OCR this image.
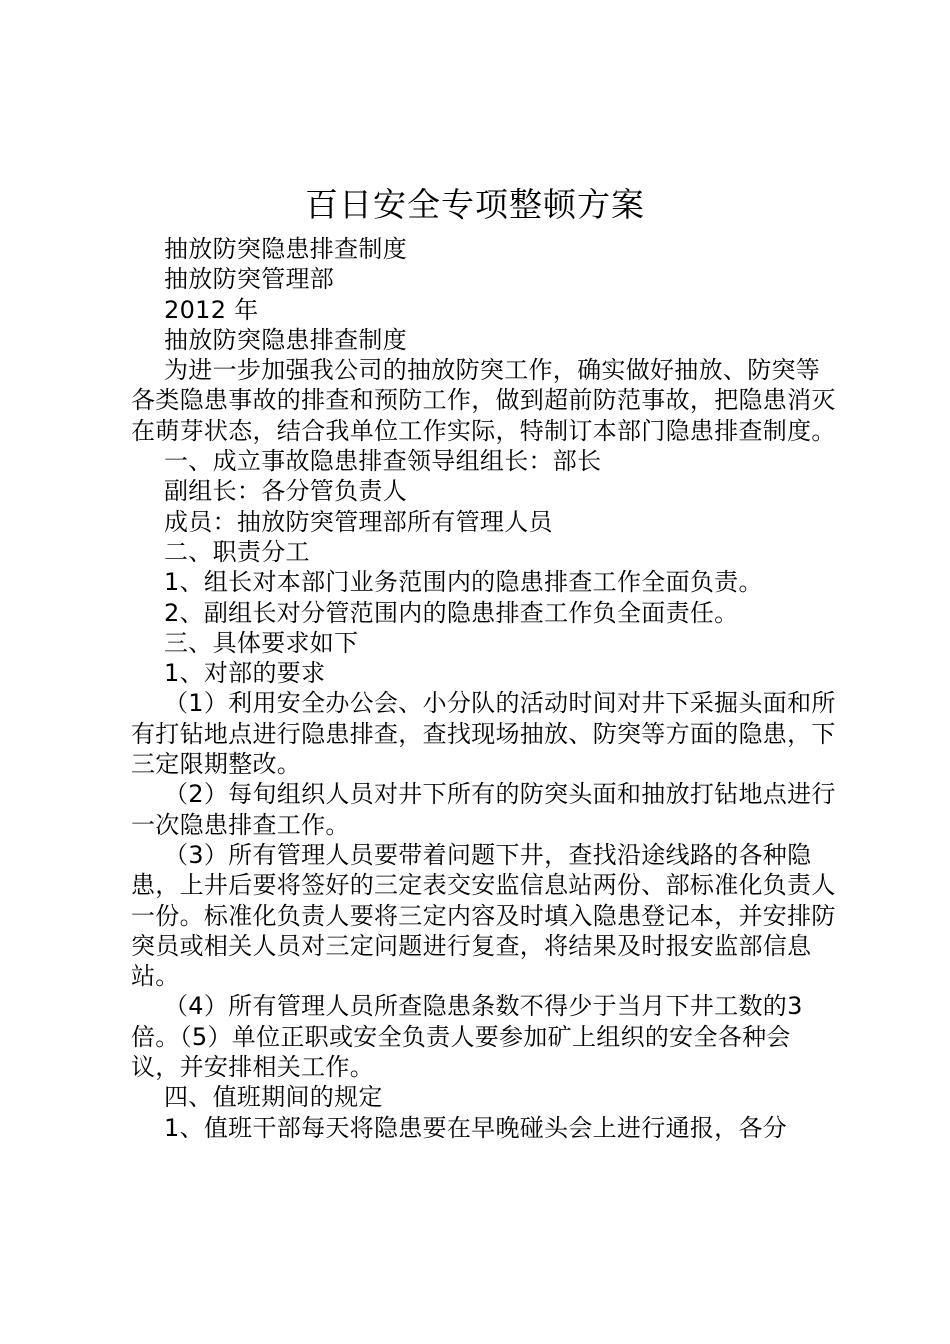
百日安全专项整顿方案

抽放防突隐患排查制度

抽放防突管理部

2012 年

抽放防突隐患排查制度

为进一步加强我公司的抽放防突工作，确实做好抽放、防突等各类隐患事故的排查和预防工作，做到超前防范事故，把隐患消灭在萌芽状态，结合我单位工作实际，特制订本部门隐患排查制度。

一、成立事故隐患排查领导组组长：部长

副组长：各分管负责人

成员：抽放防突管理部所有管理人员

二、职责分工

1、组长对本部门业务范围内的隐患排查工作全面负责。

2、副组长对分管范围内的隐患排查工作负全面责任。

三、具体要求如下

1、对部的要求

（1）利用安全办公会、小分队的活动时间对井下采掘头面和所有打钻地点进行隐患排查，查找现场抽放、防突等方面的隐患，下三定限期整改。

（2）每旬组织人员对井下所有的防突头面和抽放打钻地点进行一次隐患排查工作。

（3）所有管理人员要带着问题下井，查找沿途线路的各种隐患，上井后要将签好的三定表交安监信息站两份、部标准化负责人一份。标准化负责人要将三定内容及时填入隐患登记本，并安排防突员或相关人员对三定问题进行复查，将结果及时报安监部信息站。

（4）所有管理人员所查隐患条数不得少于当月下井工数的3 倍。（5）单位正职或安全负责人要参加矿上组织的安全各种会议，并安排相关工作。

四、值班期间的规定

1、值班干部每天将隐患要在早晚碰头会上进行通报，各分
